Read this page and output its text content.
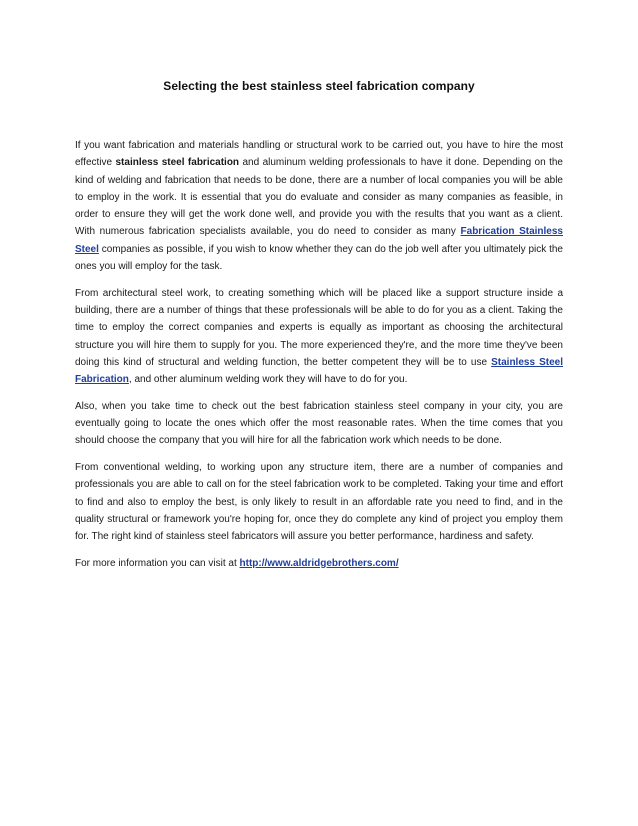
Selecting the best stainless steel fabrication company

If you want fabrication and materials handling or structural work to be carried out, you have to hire the most effective stainless steel fabrication and aluminum welding professionals to have it done. Depending on the kind of welding and fabrication that needs to be done, there are a number of local companies you will be able to employ in the work. It is essential that you do evaluate and consider as many companies as feasible, in order to ensure they will get the work done well, and provide you with the results that you want as a client. With numerous fabrication specialists available, you do need to consider as many Fabrication Stainless Steel companies as possible, if you wish to know whether they can do the job well after you ultimately pick the ones you will employ for the task.

From architectural steel work, to creating something which will be placed like a support structure inside a building, there are a number of things that these professionals will be able to do for you as a client. Taking the time to employ the correct companies and experts is equally as important as choosing the architectural structure you will hire them to supply for you. The more experienced they're, and the more time they've been doing this kind of structural and welding function, the better competent they will be to use Stainless Steel Fabrication, and other aluminum welding work they will have to do for you.

Also, when you take time to check out the best fabrication stainless steel company in your city, you are eventually going to locate the ones which offer the most reasonable rates. When the time comes that you should choose the company that you will hire for all the fabrication work which needs to be done.

From conventional welding, to working upon any structure item, there are a number of companies and professionals you are able to call on for the steel fabrication work to be completed. Taking your time and effort to find and also to employ the best, is only likely to result in an affordable rate you need to find, and in the quality structural or framework you're hoping for, once they do complete any kind of project you employ them for. The right kind of stainless steel fabricators will assure you better performance, hardiness and safety.

For more information you can visit at http://www.aldridgebrothers.com/
